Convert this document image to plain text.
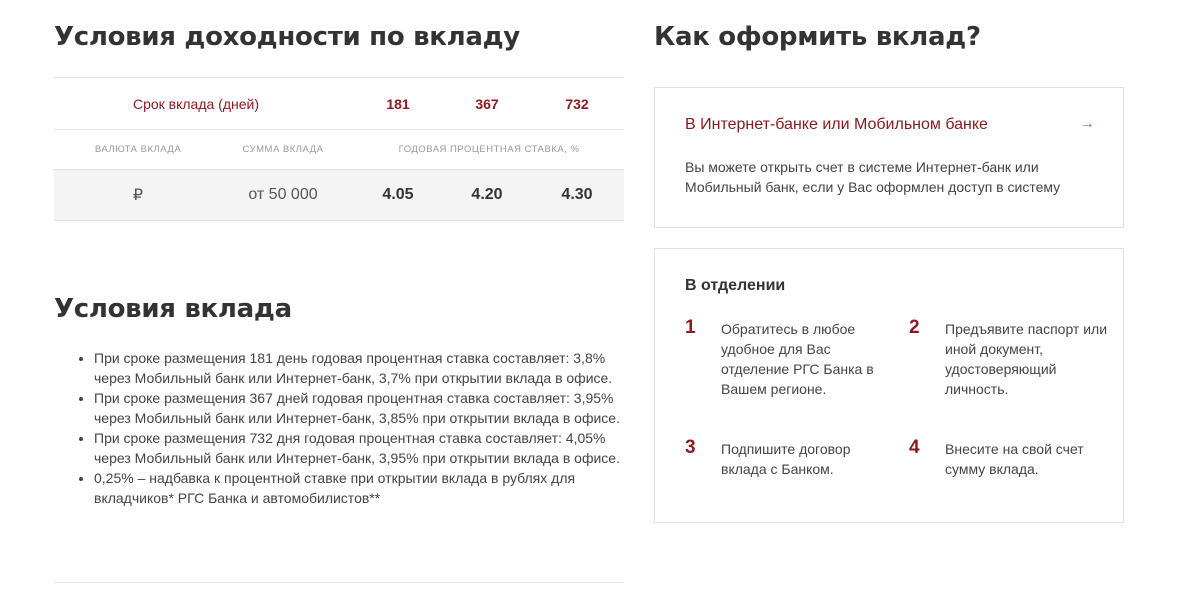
Условия доходности по вкладу
Срок вклада (дней)	181	367	732
ВАЛЮТА ВКЛАДА	СУММА ВКЛАДА	ГОДОВАЯ ПРОЦЕНТНАЯ СТАВКА, %
₽	от 50 000	4.05	4.20	4.30
Условия вклада
• При сроке размещения 181 день годовая процентная ставка составляет: 3,8% через Мобильный банк или Интернет-банк, 3,7% при открытии вклада в офисе.
• При сроке размещения 367 дней годовая процентная ставка составляет: 3,95% через Мобильный банк или Интернет-банк, 3,85% при открытии вклада в офисе.
• При сроке размещения 732 дня годовая процентная ставка составляет: 4,05% через Мобильный банк или Интернет-банк, 3,95% при открытии вклада в офисе.
• 0,25% – надбавка к процентной ставке при открытии вклада в рублях для вкладчиков* РГС Банка и автомобилистов**
Как оформить вклад?
В Интернет-банке или Мобильном банке	→
Вы можете открыть счет в системе Интернет-банк или Мобильный банк, если у Вас оформлен доступ в систему
В отделении
1 Обратитесь в любое удобное для Вас отделение РГС Банка в Вашем регионе.
2 Предъявите паспорт или иной документ, удостоверяющий личность.
3 Подпишите договор вклада с Банком.
4 Внесите на свой счет сумму вклада.
